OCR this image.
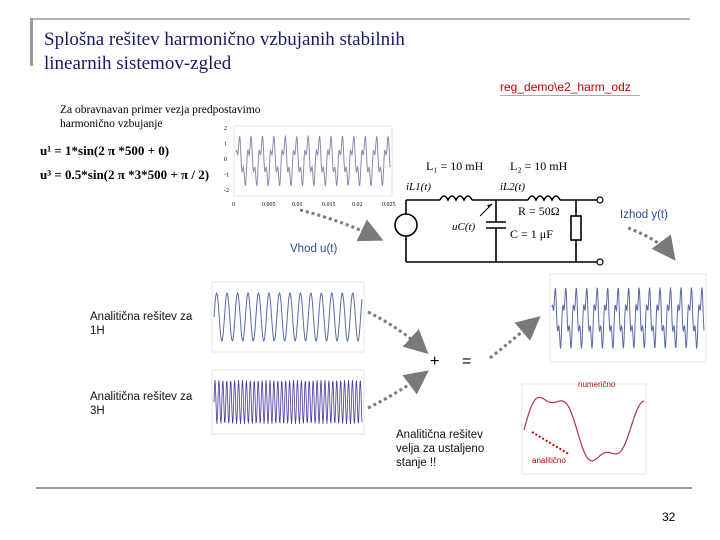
Splošna rešitev harmonično vzbujanih stabilnih
linearnih sistemov-zgled
reg_demo\e2_harm_odz
Za obravnavan primer vezja predpostavimo harmonično vzbujanje
u¹ = 1*sin(2 π *500 + 0)
u³ = 0.5*sin(2 π *3*500 + π / 2)
2
1
0
-1
-2
0	0.005	0.01	0.015	0.02	0.025
L₁ = 10 mH L₂ = 10 mH
iL1(t)	iL2(t)
R = 50Ω
C = 1 μF
uC(t)
Izhod y(t)
Vhod u(t)
Analitična rešitev za 1H
Analitična rešitev za 3H
+ =
numerično
analitično
Analitična rešitev velja za ustaljeno stanje !!
32
